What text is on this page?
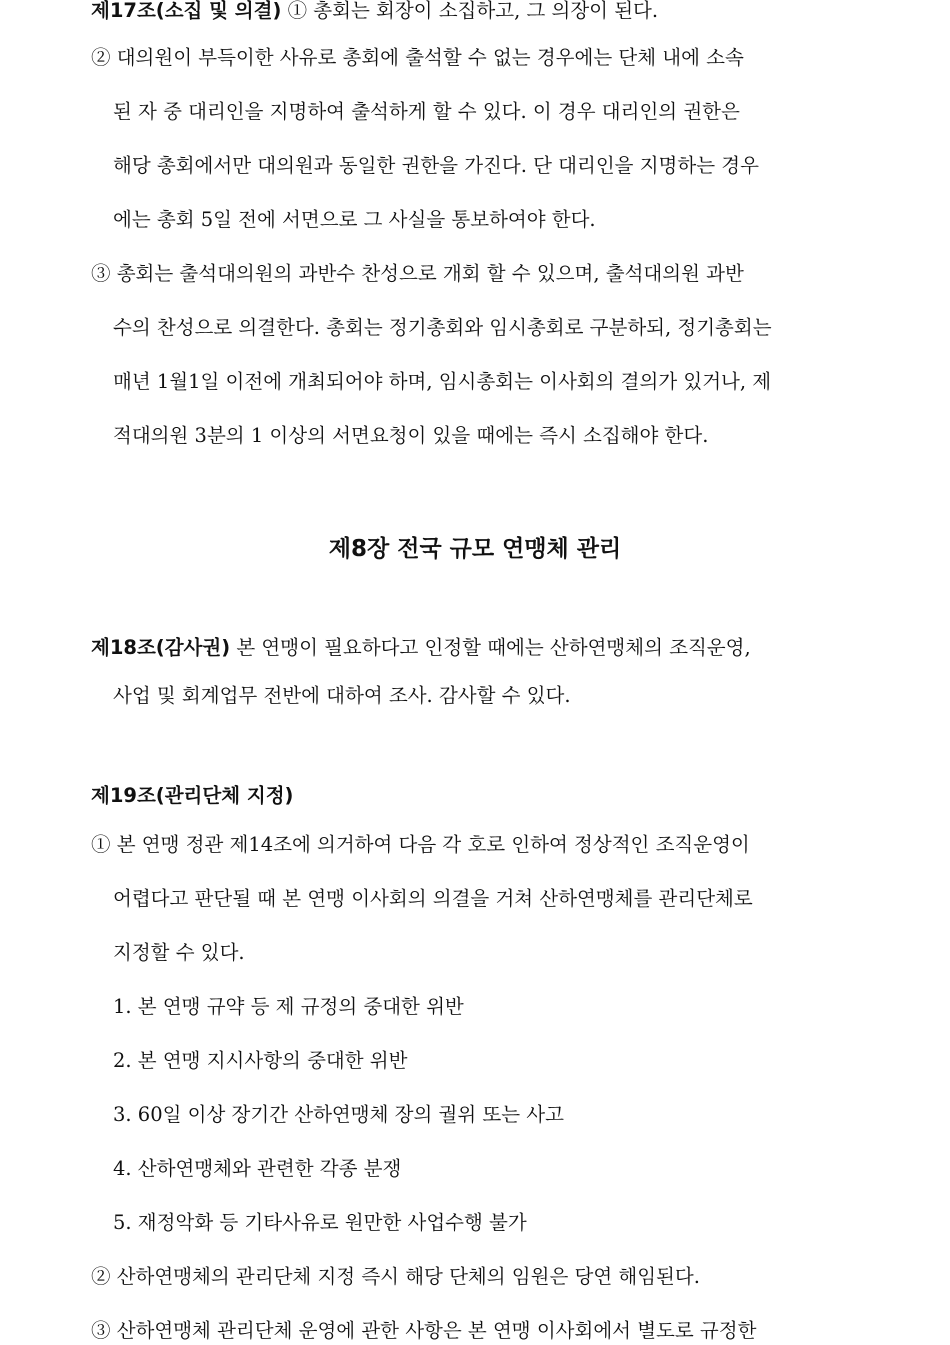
제17조(소집 및 의결) ① 총회는 회장이 소집하고, 그 의장이 된다.
② 대의원이 부득이한 사유로 총회에 출석할 수 없는 경우에는 단체 내에 소속
된 자 중 대리인을 지명하여 출석하게 할 수 있다. 이 경우 대리인의 권한은
해당 총회에서만 대의원과 동일한 권한을 가진다. 단 대리인을 지명하는 경우
에는 총회 5일 전에 서면으로 그 사실을 통보하여야 한다.
③ 총회는 출석대의원의 과반수 찬성으로 개회 할 수 있으며, 출석대의원 과반
수의 찬성으로 의결한다. 총회는 정기총회와 임시총회로 구분하되, 정기총회는
매년 1월1일 이전에 개최되어야 하며, 임시총회는 이사회의 결의가 있거나, 제
적대의원 3분의 1 이상의 서면요청이 있을 때에는 즉시 소집해야 한다.
제8장 전국 규모 연맹체 관리
제18조(감사권) 본 연맹이 필요하다고 인정할 때에는 산하연맹체의 조직운영,
사업 및 회계업무 전반에 대하여 조사. 감사할 수 있다.
제19조(관리단체 지정)
① 본 연맹 정관 제14조에 의거하여 다음 각 호로 인하여 정상적인 조직운영이
어렵다고 판단될 때 본 연맹 이사회의 의결을 거쳐 산하연맹체를 관리단체로
지정할 수 있다.
1. 본 연맹 규약 등 제 규정의 중대한 위반
2. 본 연맹 지시사항의 중대한 위반
3. 60일 이상 장기간 산하연맹체 장의 궐위 또는 사고
4. 산하연맹체와 관련한 각종 분쟁
5. 재정악화 등 기타사유로 원만한 사업수행 불가
② 산하연맹체의 관리단체 지정 즉시 해당 단체의 임원은 당연 해임된다.
③ 산하연맹체 관리단체 운영에 관한 사항은 본 연맹 이사회에서 별도로 규정한
